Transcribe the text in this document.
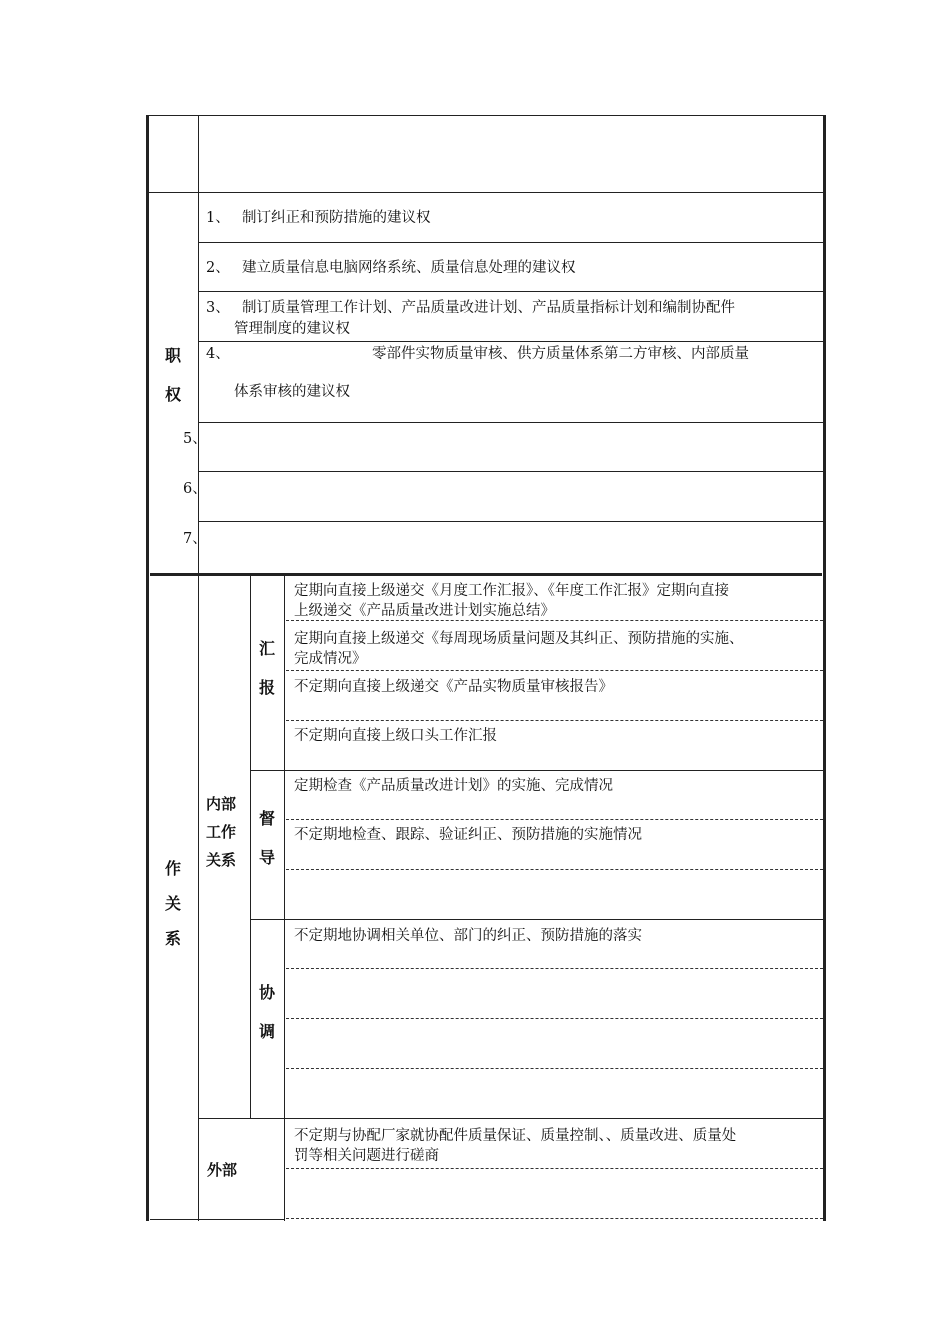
职
权
1、 制订纠正和预防措施的建议权
2、 建立质量信息电脑网络系统、质量信息处理的建议权
3、 制订质量管理工作计划、产品质量改进计划、产品质量指标计划和编制协配件
管理制度的建议权
4、	零部件实物质量审核、供方质量体系第二方审核、内部质量
体系审核的建议权
5、
6、
7、
作
关
系
内部
工作
关系
汇
报
定期向直接上级递交《月度工作汇报》、《年度工作汇报》定期向直接
上级递交《产品质量改进计划实施总结》
定期向直接上级递交《每周现场质量问题及其纠正、预防措施的实施、
完成情况》
不定期向直接上级递交《产品实物质量审核报告》
不定期向直接上级口头工作汇报
督
导
定期检查《产品质量改进计划》的实施、完成情况
不定期地检查、跟踪、验证纠正、预防措施的实施情况
协
调
不定期地协调相关单位、部门的纠正、预防措施的落实
外部
不定期与协配厂家就协配件质量保证、质量控制、、质量改进、质量处
罚等相关问题进行磋商
